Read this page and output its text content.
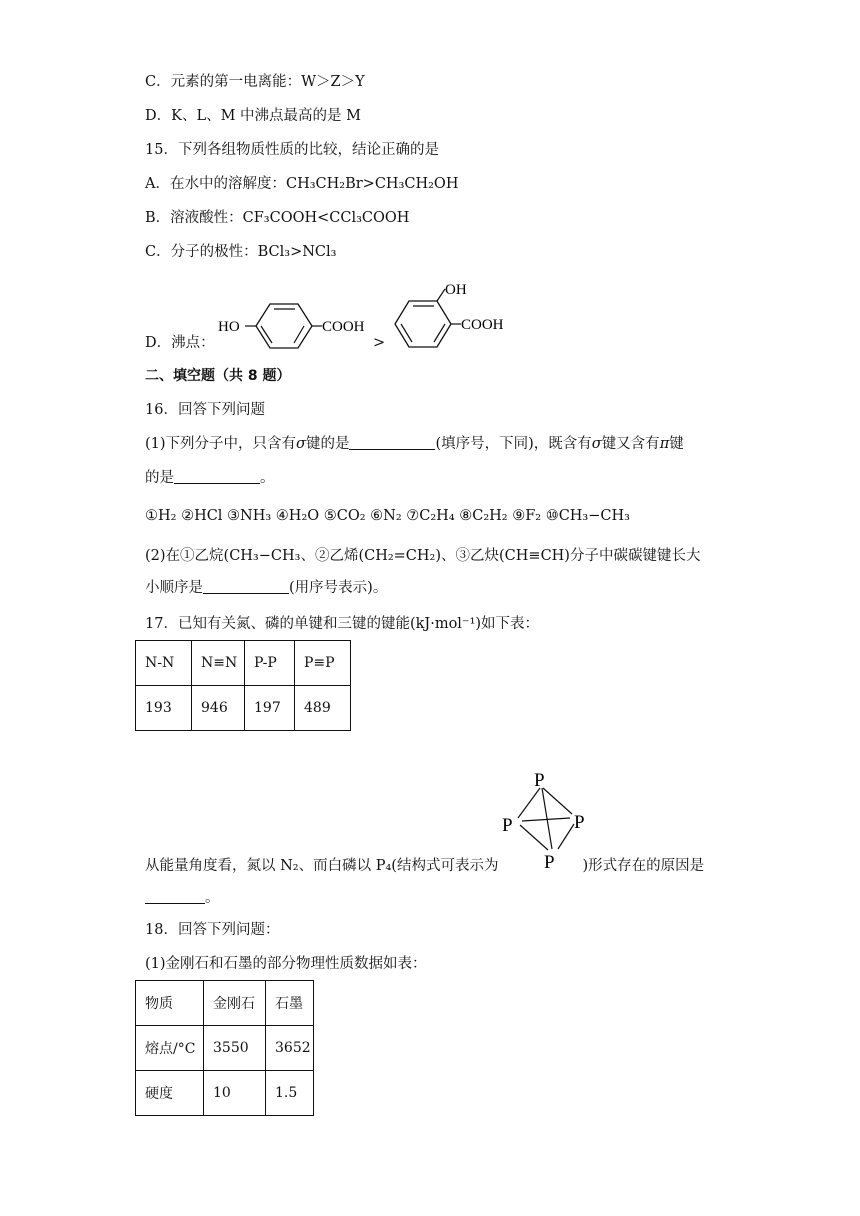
C．元素的第一电离能：W＞Z＞Y
D．K、L、M 中沸点最高的是 M
15．下列各组物质性质的比较，结论正确的是
A．在水中的溶解度：CH₃CH₂Br>CH₃CH₂OH
B．溶液酸性：CF₃COOH<CCl₃COOH
C．分子的极性：BCl₃>NCl₃
D．沸点：
HO	COOH
>
OH
COOH
二、填空题（共 8 题）
16．回答下列问题
(1)下列分子中，只含有σ键的是	(填序号，下同)，既含有σ键又含有π键
的是	。
①H₂ ②HCl ③NH₃ ④H₂O ⑤CO₂ ⑥N₂ ⑦C₂H₄ ⑧C₂H₂ ⑨F₂ ⑩CH₃−CH₃
(2)在①乙烷(CH₃−CH₃、②乙烯(CH₂=CH₂)、③乙炔(CH≡CH)分子中碳碳键键长大
小顺序是	(用序号表示)。
17．已知有关氮、磷的单键和三键的键能(kJ·mol⁻¹)如下表：
N-N	N≡N	P-P	P≡P
193	946	197	489
P
P	P
P
从能量角度看，氮以 N₂、而白磷以 P₄(结构式可表示为	)形式存在的原因是
。
18．回答下列问题：
(1)金刚石和石墨的部分物理性质数据如表：
物质	金刚石	石墨
熔点/°C	3550	3652
硬度	10	1.5
